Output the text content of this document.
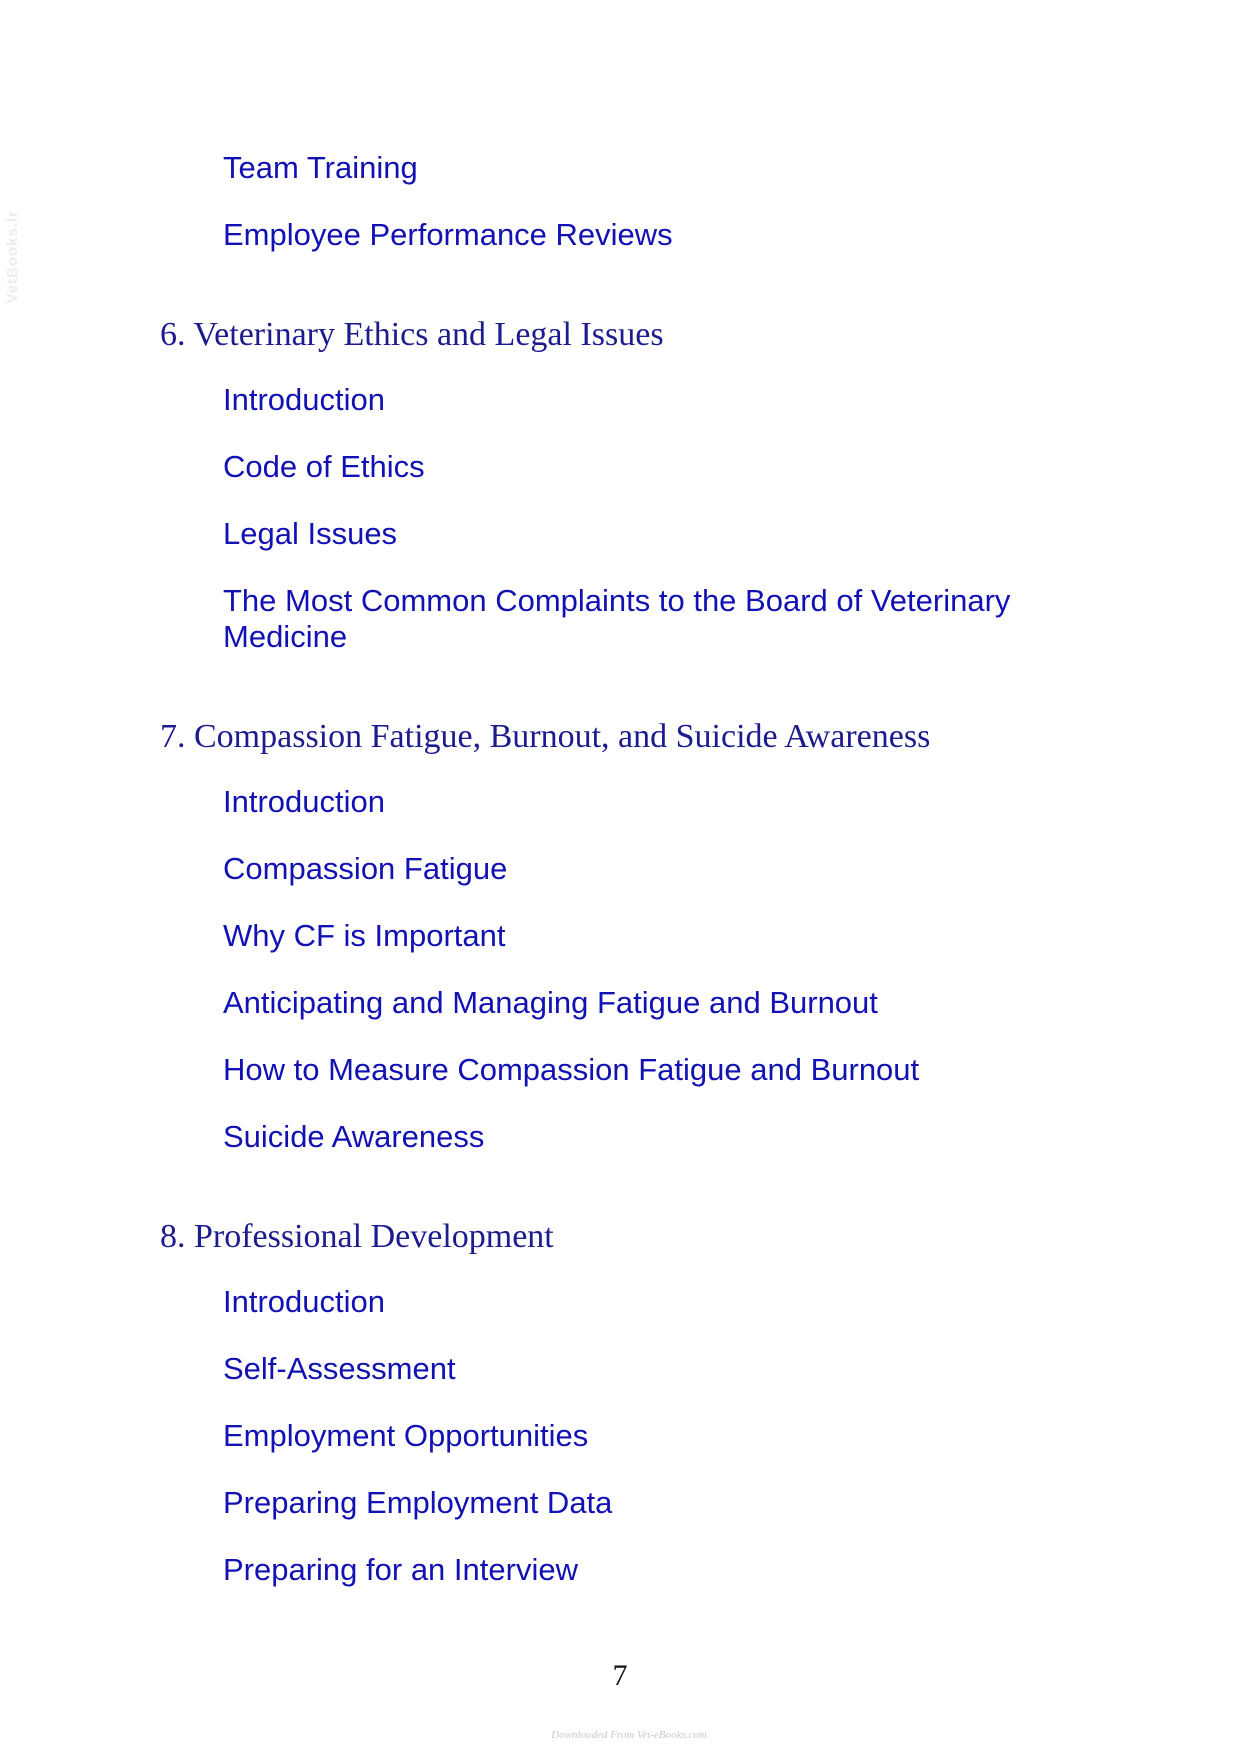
VetBooks.ir
Team Training
Employee Performance Reviews
6. Veterinary Ethics and Legal Issues
Introduction
Code of Ethics
Legal Issues
The Most Common Complaints to the Board of Veterinary Medicine
7. Compassion Fatigue, Burnout, and Suicide Awareness
Introduction
Compassion Fatigue
Why CF is Important
Anticipating and Managing Fatigue and Burnout
How to Measure Compassion Fatigue and Burnout
Suicide Awareness
8. Professional Development
Introduction
Self-Assessment
Employment Opportunities
Preparing Employment Data
Preparing for an Interview
7
Downloaded From Vet-eBooks.com
